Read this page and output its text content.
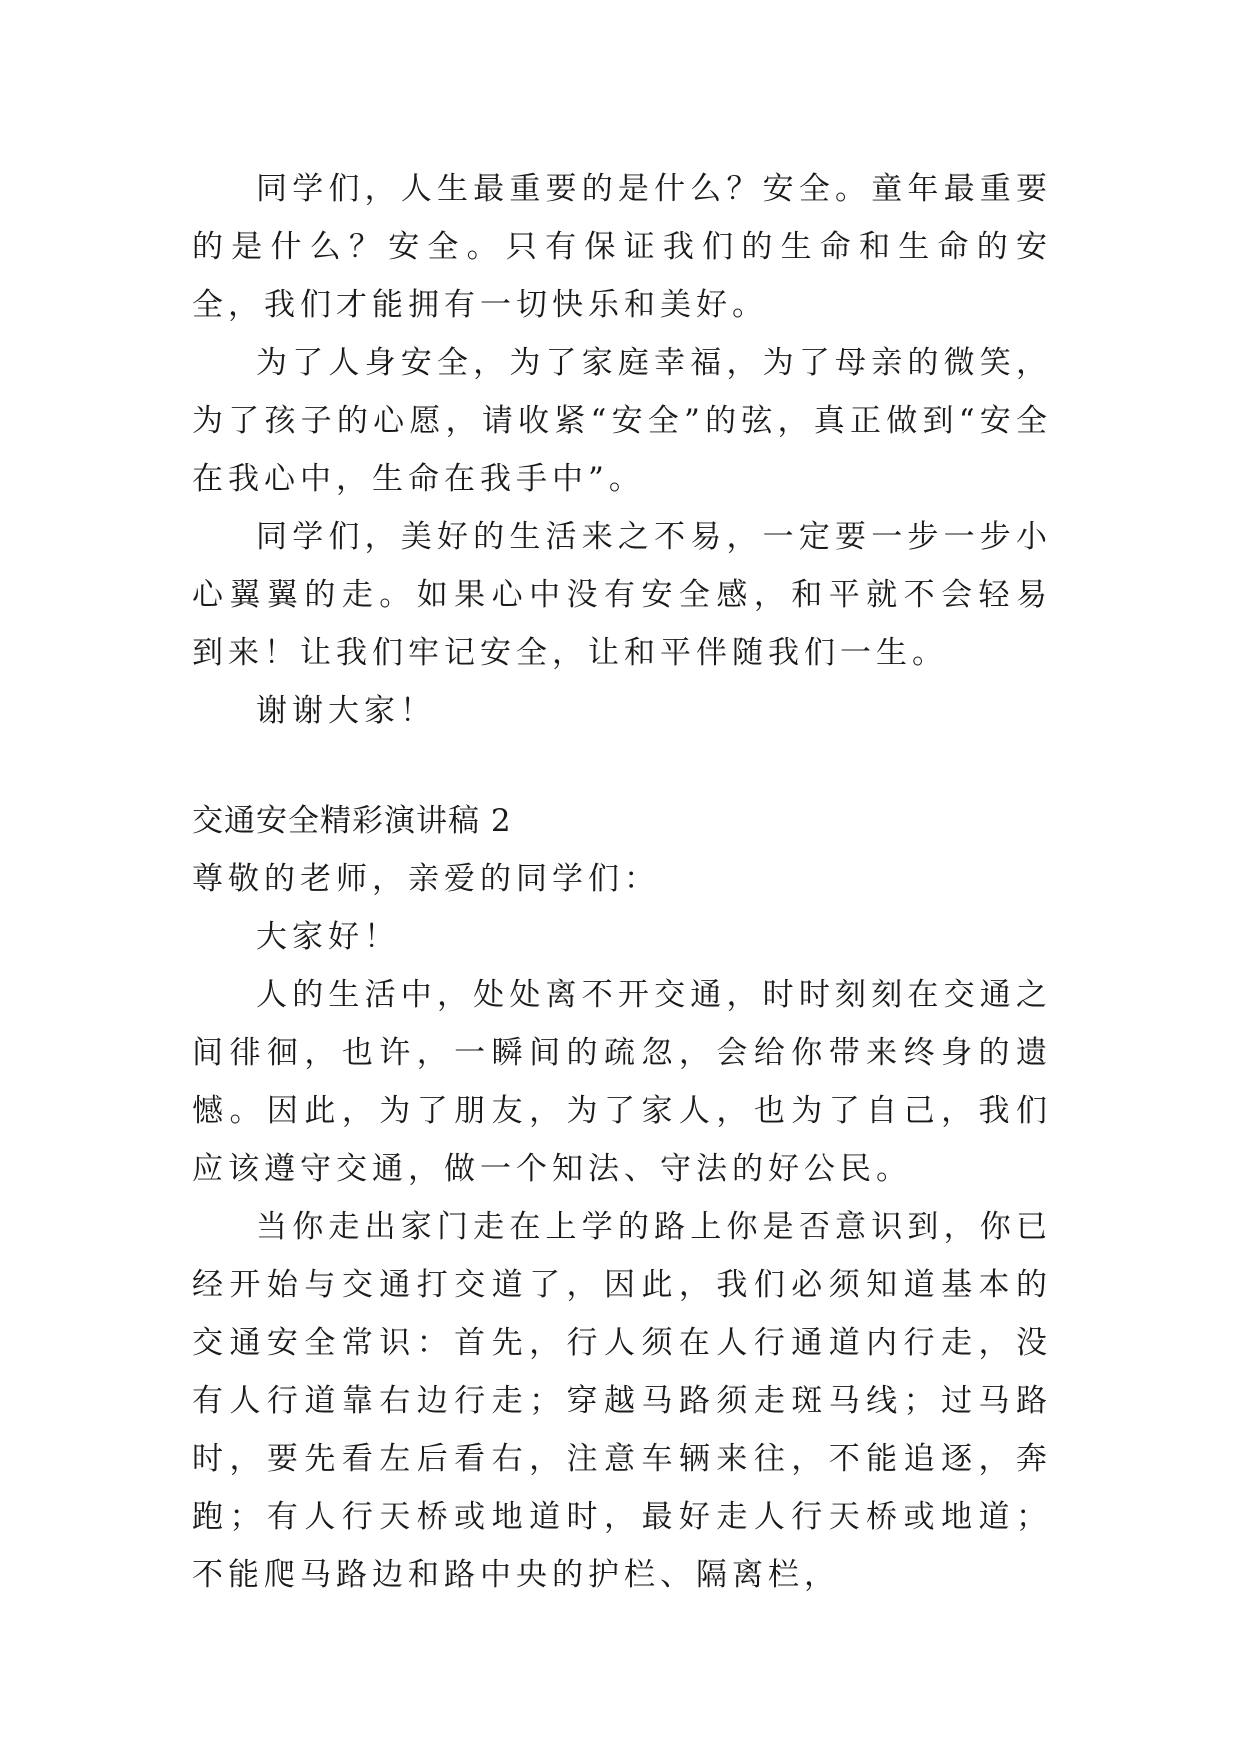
同学们，人生最重要的是什么？安全。童年最重要的是什么？安全。只有保证我们的生命和生命的安全，我们才能拥有一切快乐和美好。

为了人身安全，为了家庭幸福，为了母亲的微笑，为了孩子的心愿，请收紧“安全”的弦，真正做到“安全在我心中，生命在我手中”。

同学们，美好的生活来之不易，一定要一步一步小心翼翼的走。如果心中没有安全感，和平就不会轻易到来！让我们牢记安全，让和平伴随我们一生。

谢谢大家！

交通安全精彩演讲稿 2

尊敬的老师，亲爱的同学们：

大家好！

人的生活中，处处离不开交通，时时刻刻在交通之间徘徊，也许，一瞬间的疏忽，会给你带来终身的遗憾。因此，为了朋友，为了家人，也为了自己，我们应该遵守交通，做一个知法、守法的好公民。

当你走出家门走在上学的路上你是否意识到，你已经开始与交通打交道了，因此，我们必须知道基本的交通安全常识：首先，行人须在人行通道内行走，没有人行道靠右边行走；穿越马路须走斑马线；过马路时，要先看左后看右，注意车辆来往，不能追逐，奔跑；有人行天桥或地道时，最好走人行天桥或地道；不能爬马路边和路中央的护栏、隔离栏，
